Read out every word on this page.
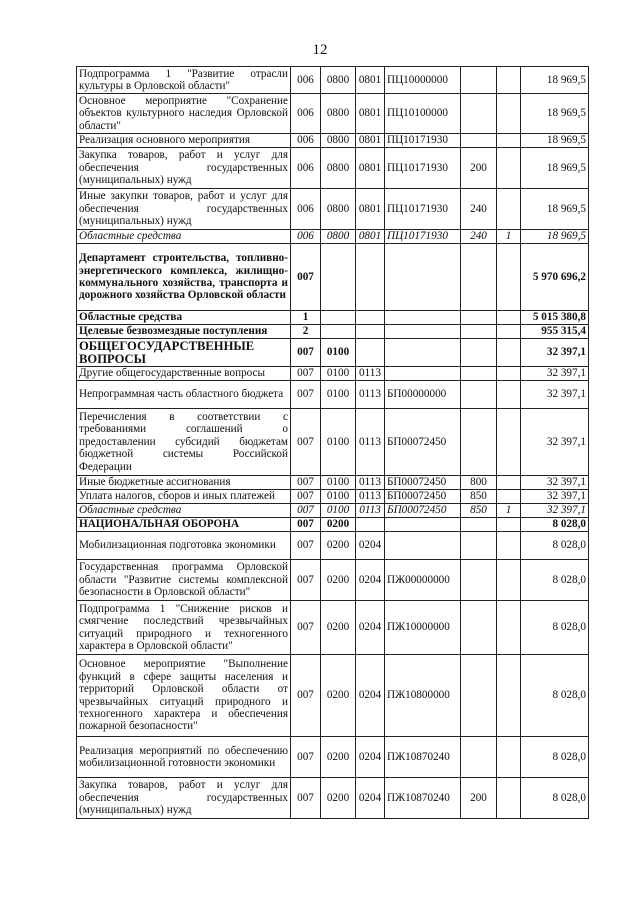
12
Подпрограмма 1 "Развитие отрасли культуры в Орловской области"	006	0800	0801	ПЦ10000000			18 969,5
Основное мероприятие "Сохранение объектов культурного наследия Орловской области"	006	0800	0801	ПЦ10100000			18 969,5
Реализация основного мероприятия	006	0800	0801	ПЦ10171930			18 969,5
Закупка товаров, работ и услуг для обеспечения государственных (муниципальных) нужд	006	0800	0801	ПЦ10171930	200		18 969,5
Иные закупки товаров, работ и услуг для обеспечения государственных (муниципальных) нужд	006	0800	0801	ПЦ10171930	240		18 969,5
Областные средства	006	0800	0801	ПЦ10171930	240	1	18 969,5
Департамент строительства, топливно-энергетического комплекса, жилищно-коммунального хозяйства, транспорта и дорожного хозяйства Орловской области	007						5 970 696,2
Областные средства	1						5 015 380,8
Целевые безвозмездные поступления	2						955 315,4
ОБЩЕГОСУДАРСТВЕННЫЕ ВОПРОСЫ	007	0100					32 397,1
Другие общегосударственные вопросы	007	0100	0113				32 397,1
Непрограммная часть областного бюджета	007	0100	0113	БП00000000			32 397,1
Перечисления в соответствии с требованиями соглашений о предоставлении субсидий бюджетам бюджетной системы Российской Федерации	007	0100	0113	БП00072450			32 397,1
Иные бюджетные ассигнования	007	0100	0113	БП00072450	800		32 397,1
Уплата налогов, сборов и иных платежей	007	0100	0113	БП00072450	850		32 397,1
Областные средства	007	0100	0113	БП00072450	850	1	32 397,1
НАЦИОНАЛЬНАЯ ОБОРОНА	007	0200					8 028,0
Мобилизационная подготовка экономики	007	0200	0204				8 028,0
Государственная программа Орловской области "Развитие системы комплексной безопасности в Орловской области"	007	0200	0204	ПЖ00000000			8 028,0
Подпрограмма 1 "Снижение рисков и смягчение последствий чрезвычайных ситуаций природного и техногенного характера в Орловской области"	007	0200	0204	ПЖ10000000			8 028,0
Основное мероприятие "Выполнение функций в сфере защиты населения и территорий Орловской области от чрезвычайных ситуаций природного и техногенного характера и обеспечения пожарной безопасности"	007	0200	0204	ПЖ10800000			8 028,0
Реализация мероприятий по обеспечению мобилизационной готовности экономики	007	0200	0204	ПЖ10870240			8 028,0
Закупка товаров, работ и услуг для обеспечения государственных (муниципальных) нужд	007	0200	0204	ПЖ10870240	200		8 028,0
